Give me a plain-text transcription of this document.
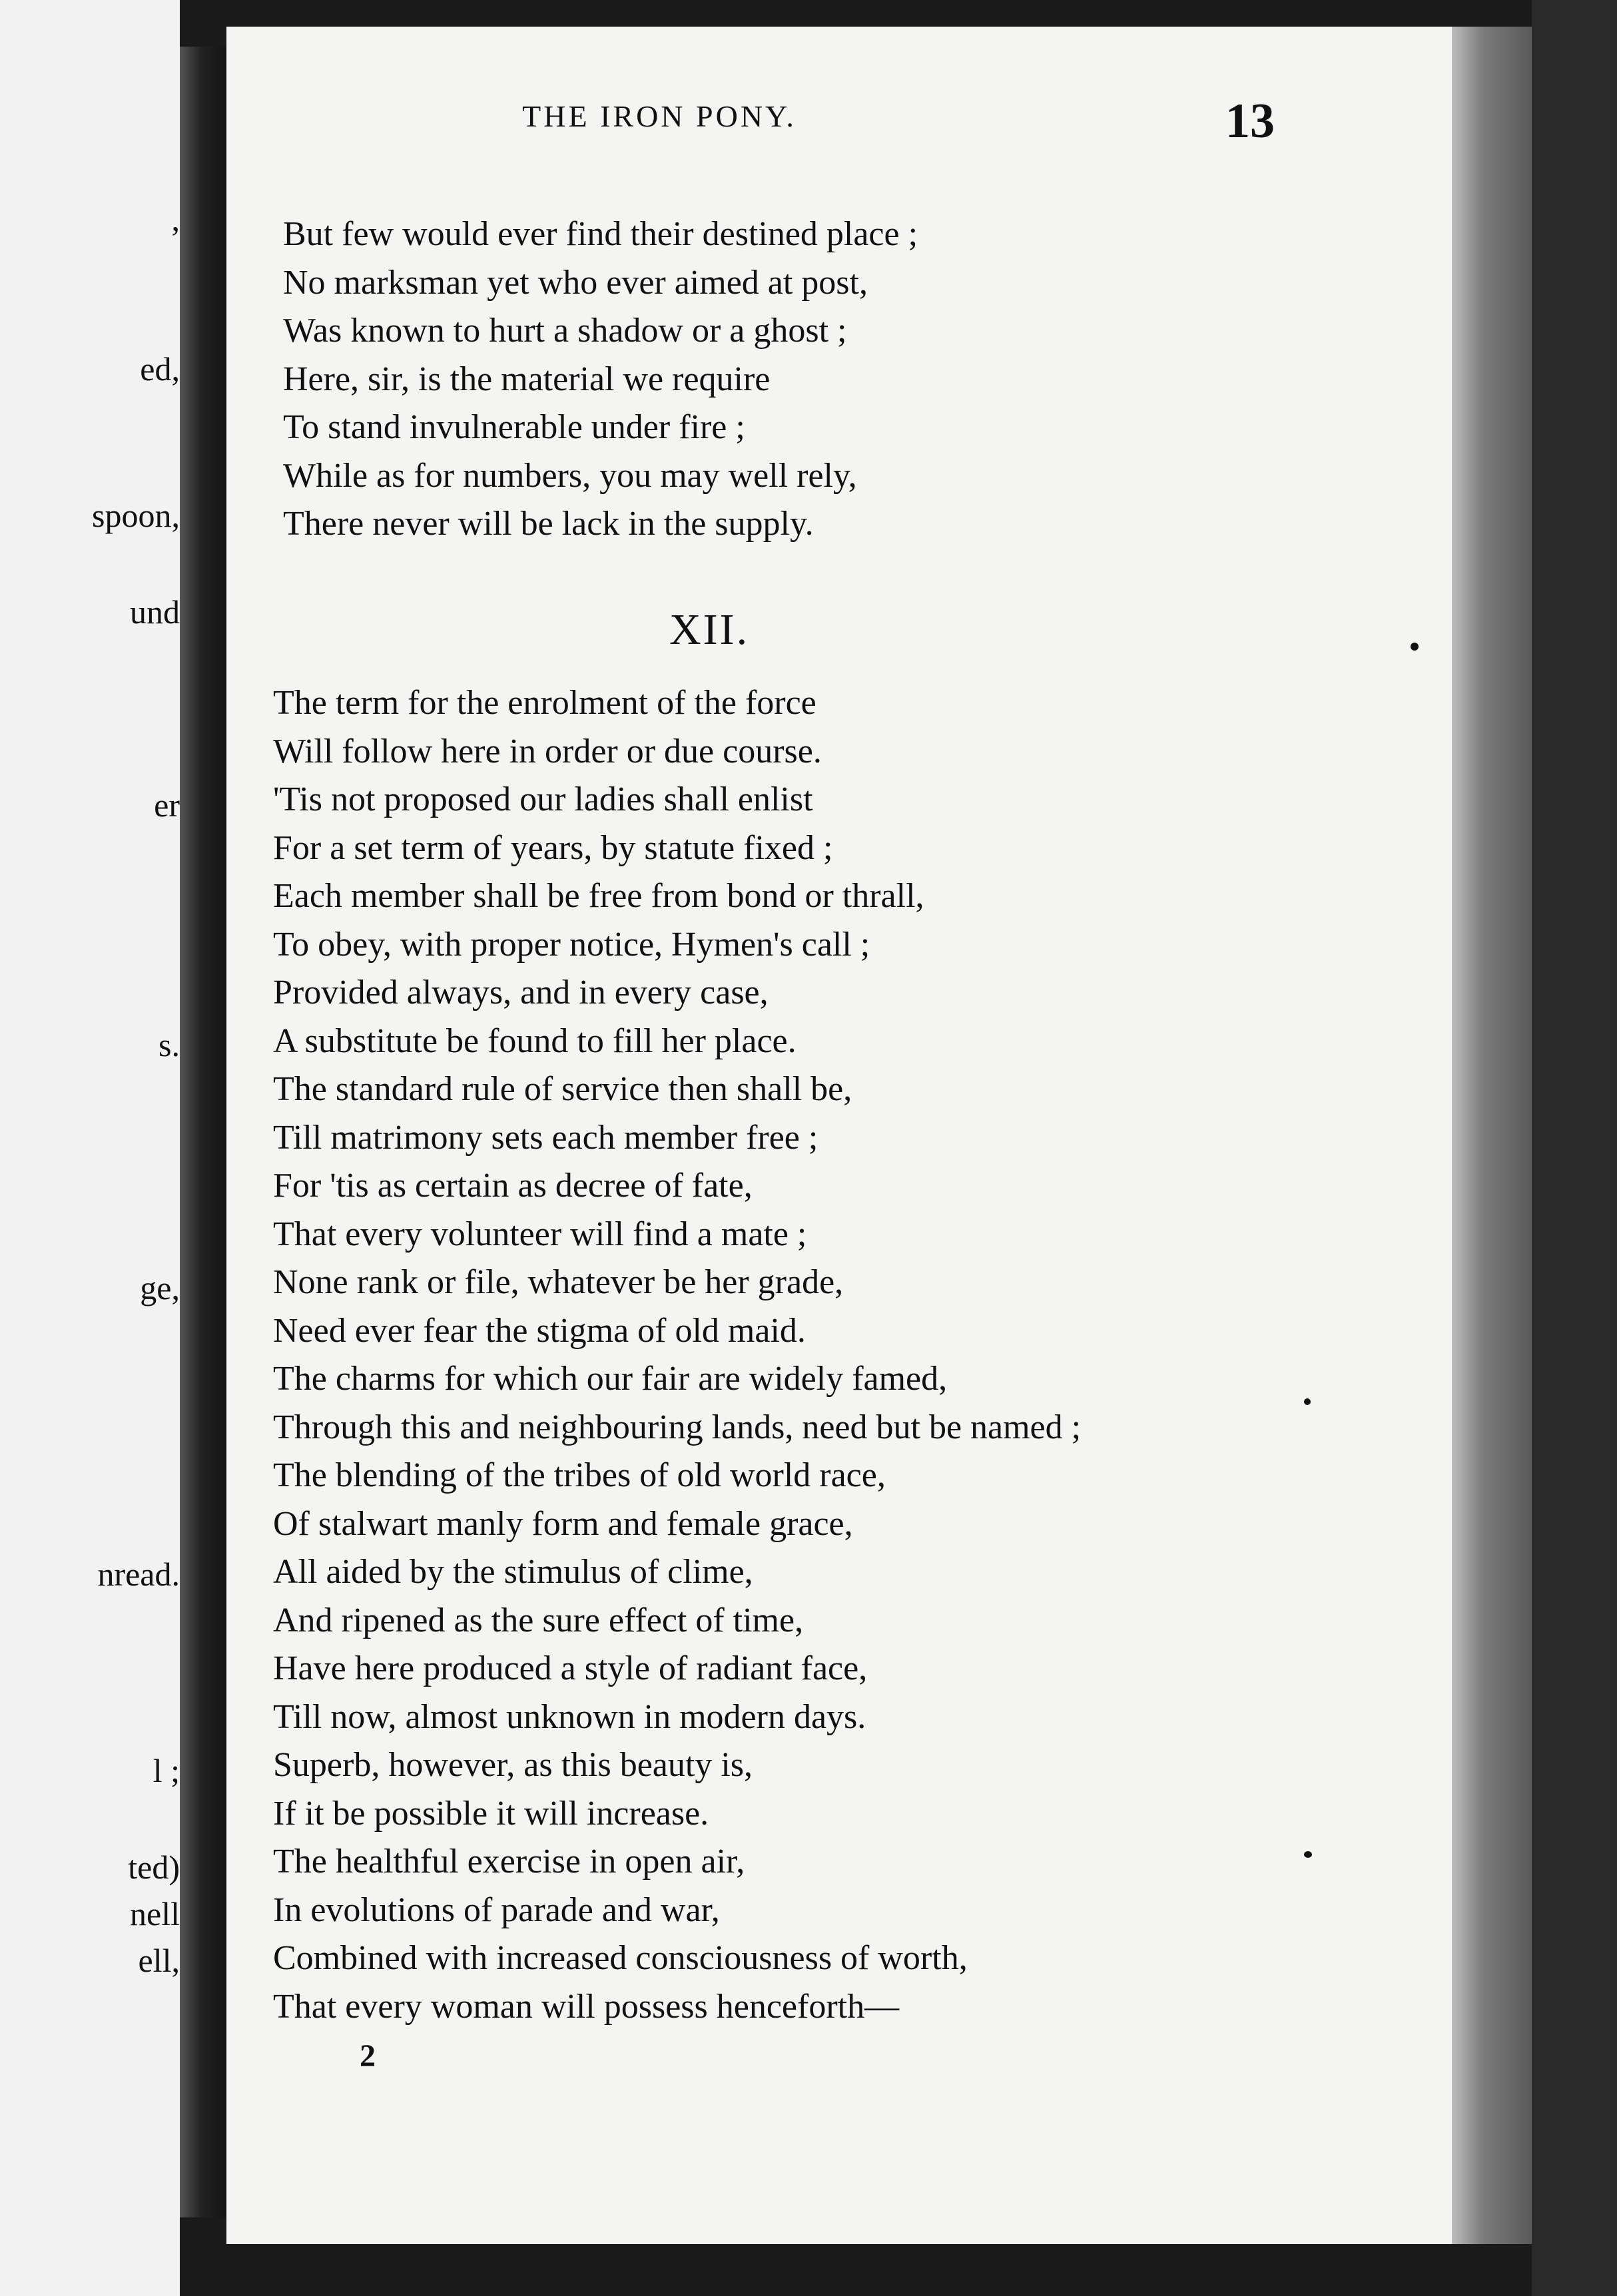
,
ed,
spoon,
und
er
s.
ge,
nread.
l ;
ted)
nell
ell,
THE IRON PONY.	13
But few would ever find their destined place ;
No marksman yet who ever aimed at post,
Was known to hurt a shadow or a ghost ;
Here, sir, is the material we require
To stand invulnerable under fire ;
While as for numbers, you may well rely,
There never will be lack in the supply.
XII.
The term for the enrolment of the force
Will follow here in order or due course.
'Tis not proposed our ladies shall enlist
For a set term of years, by statute fixed ;
Each member shall be free from bond or thrall,
To obey, with proper notice, Hymen's call ;
Provided always, and in every case,
A substitute be found to fill her place.
The standard rule of service then shall be,
Till matrimony sets each member free ;
For 'tis as certain as decree of fate,
That every volunteer will find a mate ;
None rank or file, whatever be her grade,
Need ever fear the stigma of old maid.
The charms for which our fair are widely famed,
Through this and neighbouring lands, need but be named ;
The blending of the tribes of old world race,
Of stalwart manly form and female grace,
All aided by the stimulus of clime,
And ripened as the sure effect of time,
Have here produced a style of radiant face,
Till now, almost unknown in modern days.
Superb, however, as this beauty is,
If it be possible it will increase.
The healthful exercise in open air,
In evolutions of parade and war,
Combined with increased consciousness of worth,
That every woman will possess henceforth—
2
